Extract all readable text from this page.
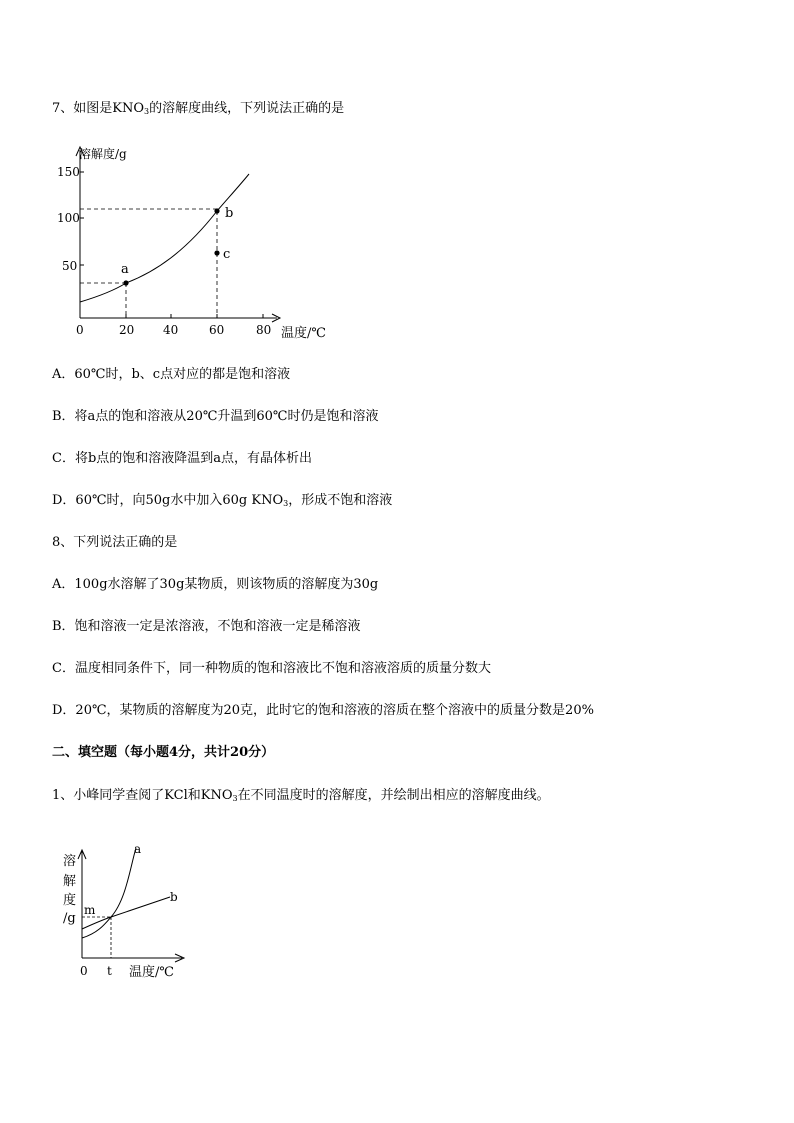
7、如图是$KNO_3$的溶解度曲线，下列说法正确的是
溶解度/g
150
100
50
0	20 40	60	80 温度/℃
a
b
c
A．60℃时，b、c点对应的都是饱和溶液
B．将a点的饱和溶液从20℃升温到60℃时仍是饱和溶液
C．将b点的饱和溶液降温到a点，有晶体析出
D．60℃时，向50g水中加入60g $KNO_3$，形成不饱和溶液
8、下列说法正确的是
A．100g水溶解了30g某物质，则该物质的溶解度为30g
B．饱和溶液一定是浓溶液，不饱和溶液一定是稀溶液
C．温度相同条件下，同一种物质的饱和溶液比不饱和溶液溶质的质量分数大
D．20℃，某物质的溶解度为20克，此时它的饱和溶液的溶质在整个溶液中的质量分数是20%
二、填空题（每小题4分，共计20分）
1、小峰同学查阅了KCl和$KNO_3$在不同温度时的溶解度，并绘制出相应的溶解度曲线。
溶
解
度
/g
m
0 t 温度/℃
a
b
